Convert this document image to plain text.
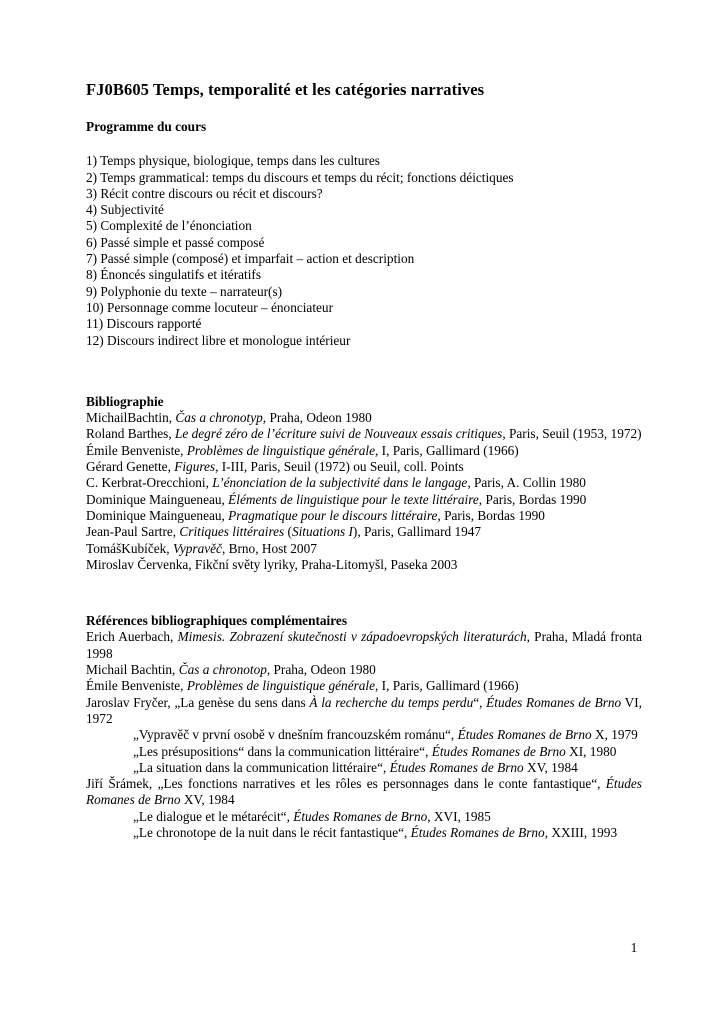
FJ0B605 Temps, temporalité et les catégories narratives
Programme du cours
1) Temps physique, biologique, temps dans les cultures
2) Temps grammatical: temps du discours et temps du récit; fonctions déictiques
3) Récit contre discours ou récit et discours?
4) Subjectivité
5) Complexité de l’énonciation
6) Passé simple et passé composé
7) Passé simple (composé) et imparfait – action et description
8) Énoncés singulatifs et itératifs
9) Polyphonie du texte – narrateur(s)
10) Personnage comme locuteur – énonciateur
11) Discours rapporté
12) Discours indirect libre et monologue intérieur
Bibliographie
MichailBachtin, Čas a chronotyp, Praha, Odeon 1980
Roland Barthes, Le degré zéro de l’écriture suivi de Nouveaux essais critiques, Paris, Seuil (1953, 1972)
Émile Benveniste, Problèmes de linguistique générale, I, Paris, Gallimard (1966)
Gérard Genette, Figures, I-III, Paris, Seuil (1972) ou Seuil, coll. Points
C. Kerbrat-Orecchioni, L’énonciation de la subjectivité dans le langage, Paris, A. Collin 1980
Dominique Maingueneau, Éléments de linguistique pour le texte littéraire, Paris, Bordas 1990
Dominique Maingueneau, Pragmatique pour le discours littéraire, Paris, Bordas 1990
Jean-Paul Sartre, Critiques littéraires (Situations I), Paris, Gallimard 1947
TomášKubíček, Vypravěč, Brno, Host 2007
Miroslav Červenka, Fikční světy lyriky, Praha-Litomyšl, Paseka 2003
Références bibliographiques complémentaires
Erich Auerbach, Mimesis. Zobrazení skutečnosti v západoevropských literaturách, Praha, Mladá fronta 1998
Michail Bachtin, Čas a chronotop, Praha, Odeon 1980
Émile Benveniste, Problèmes de linguistique générale, I, Paris, Gallimard (1966)
Jaroslav Fryčer, „La genèse du sens dans À la recherche du temps perdu“, Études Romanes de Brno VI, 1972
„Vypravěč v první osobě v dnešním francouzském románu“, Études Romanes de Brno X, 1979
„Les présupositions“ dans la communication littéraire“, Études Romanes de Brno XI, 1980
„La situation dans la communication littéraire“, Études Romanes de Brno XV, 1984
Jiří Šrámek, „Les fonctions narratives et les rôles es personnages dans le conte fantastique“, Études Romanes de Brno XV, 1984
„Le dialogue et le métarécit“, Études Romanes de Brno, XVI, 1985
„Le chronotope de la nuit dans le récit fantastique“, Études Romanes de Brno, XXIII, 1993
1
